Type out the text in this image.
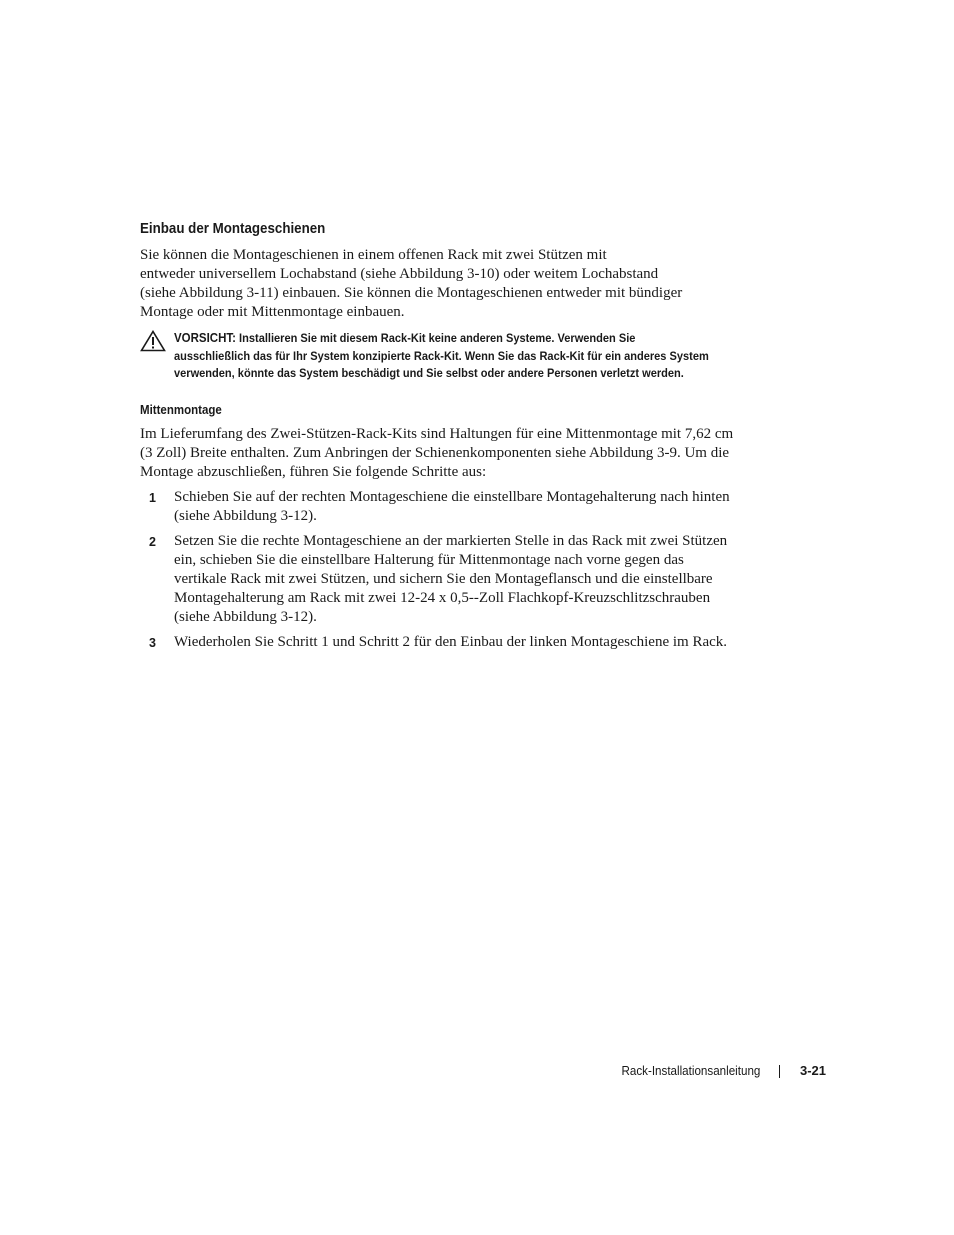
Einbau der Montageschienen

Sie können die Montageschienen in einem offenen Rack mit zwei Stützen mit
entweder universellem Lochabstand (siehe Abbildung 3-10) oder weitem Lochabstand
(siehe Abbildung 3-11) einbauen. Sie können die Montageschienen entweder mit bündiger
Montage oder mit Mittenmontage einbauen.

VORSICHT: Installieren Sie mit diesem Rack-Kit keine anderen Systeme. Verwenden Sie
ausschließlich das für Ihr System konzipierte Rack-Kit. Wenn Sie das Rack-Kit für ein anderes System
verwenden, könnte das System beschädigt und Sie selbst oder andere Personen verletzt werden.
Mittenmontage

Im Lieferumfang des Zwei-Stützen-Rack-Kits sind Haltungen für eine Mittenmontage mit 7,62 cm
(3 Zoll) Breite enthalten. Zum Anbringen der Schienenkomponenten siehe Abbildung 3-9. Um die
Montage abzuschließen, führen Sie folgende Schritte aus:

1 Schieben Sie auf der rechten Montageschiene die einstellbare Montagehalterung nach hinten
(siehe Abbildung 3-12).
2 Setzen Sie die rechte Montageschiene an der markierten Stelle in das Rack mit zwei Stützen
ein, schieben Sie die einstellbare Halterung für Mittenmontage nach vorne gegen das
vertikale Rack mit zwei Stützen, und sichern Sie den Montageflansch und die einstellbare
Montagehalterung am Rack mit zwei 12-24 x 0,5--Zoll Flachkopf-Kreuzschlitzschrauben
(siehe Abbildung 3-12).
3 Wiederholen Sie Schritt 1 und Schritt 2 für den Einbau der linken Montageschiene im Rack.
Rack-Installationsanleitung	3-21
